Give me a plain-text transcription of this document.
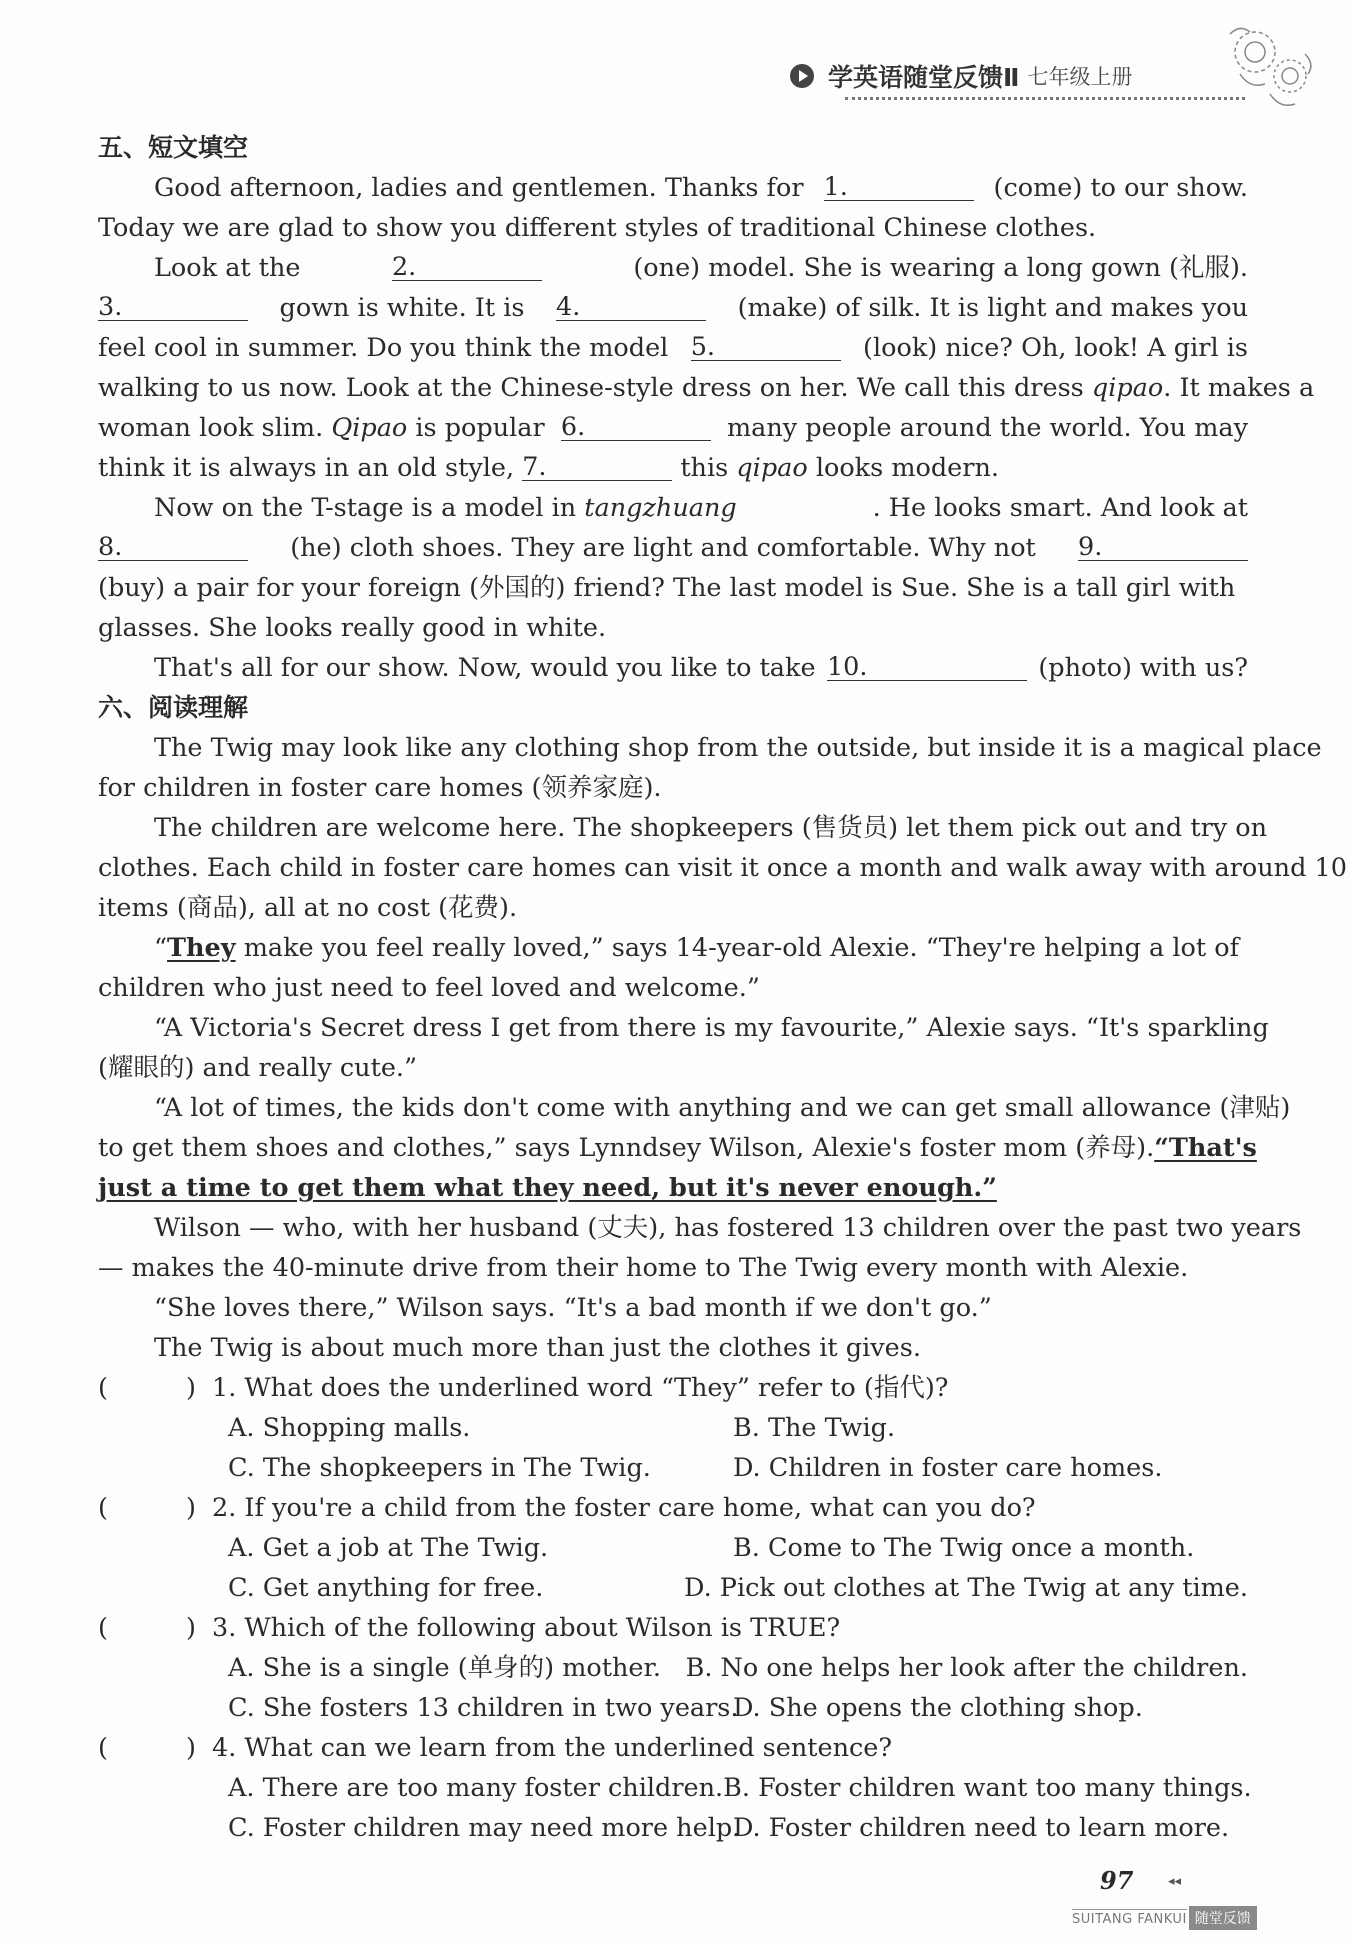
学英语随堂反馈Ⅱ 七年级上册
五、短文填空
Good afternoon, ladies and gentlemen. Thanks for 1.	(come) to our show.
Today we are glad to show you different styles of traditional Chinese clothes.
Look at the	2.	(one) model. She is wearing a long gown (礼服).
3.	gown is white. It is 4.	(make) of silk. It is light and makes you
feel cool in summer. Do you think the model 5.	(look) nice? Oh, look! A girl is
walking to us now. Look at the Chinese-style dress on her. We call this dress qipao. It makes a
woman look slim. Qipao is popular 6.	many people around the world. You may
think it is always in an old style, 7.	this qipao looks modern.
Now on the T-stage is a model in tangzhuang	. He looks smart. And look at
8.	(he) cloth shoes. They are light and comfortable. Why not 9.
(buy) a pair for your foreign (外国的) friend? The last model is Sue. She is a tall girl with
glasses. She looks really good in white.
That's all for our show. Now, would you like to take 10.	(photo) with us?
六、阅读理解
The Twig may look like any clothing shop from the outside, but inside it is a magical place
for children in foster care homes (领养家庭).
The children are welcome here. The shopkeepers (售货员) let them pick out and try on
clothes. Each child in foster care homes can visit it once a month and walk away with around 10
items (商品), all at no cost (花费).
“They make you feel really loved,” says 14-year-old Alexie. “They're helping a lot of
children who just need to feel loved and welcome.”
“A Victoria's Secret dress I get from there is my favourite,” Alexie says. “It's sparkling
(耀眼的) and really cute.”
“A lot of times, the kids don't come with anything and we can get small allowance (津贴)
to get them shoes and clothes,” says Lynndsey Wilson, Alexie's foster mom (养母). “That's
just a time to get them what they need, but it's never enough.”
Wilson — who, with her husband (丈夫), has fostered 13 children over the past two years
— makes the 40-minute drive from their home to The Twig every month with Alexie.
“She loves there,” Wilson says. “It's a bad month if we don't go.”
The Twig is about much more than just the clothes it gives.
(	) 1. What does the underlined word “They” refer to (指代)?
A. Shopping malls.	B. The Twig.
C. The shopkeepers in The Twig.	D. Children in foster care homes.
(	) 2. If you're a child from the foster care home, what can you do?
A. Get a job at The Twig.	B. Come to The Twig once a month.
C. Get anything for free.	D. Pick out clothes at The Twig at any time.
(	) 3. Which of the following about Wilson is TRUE?
A. She is a single (单身的) mother. B. No one helps her look after the children.
C. She fosters 13 children in two years.
D. She opens the clothing shop.
(	) 4. What can we learn from the underlined sentence?
A. There are too many foster children. B. Foster children want too many things.
C. Foster children may need more help.
D. Foster children need to learn more.
97	◂◂
SUITANG FANKUI 随堂反馈
